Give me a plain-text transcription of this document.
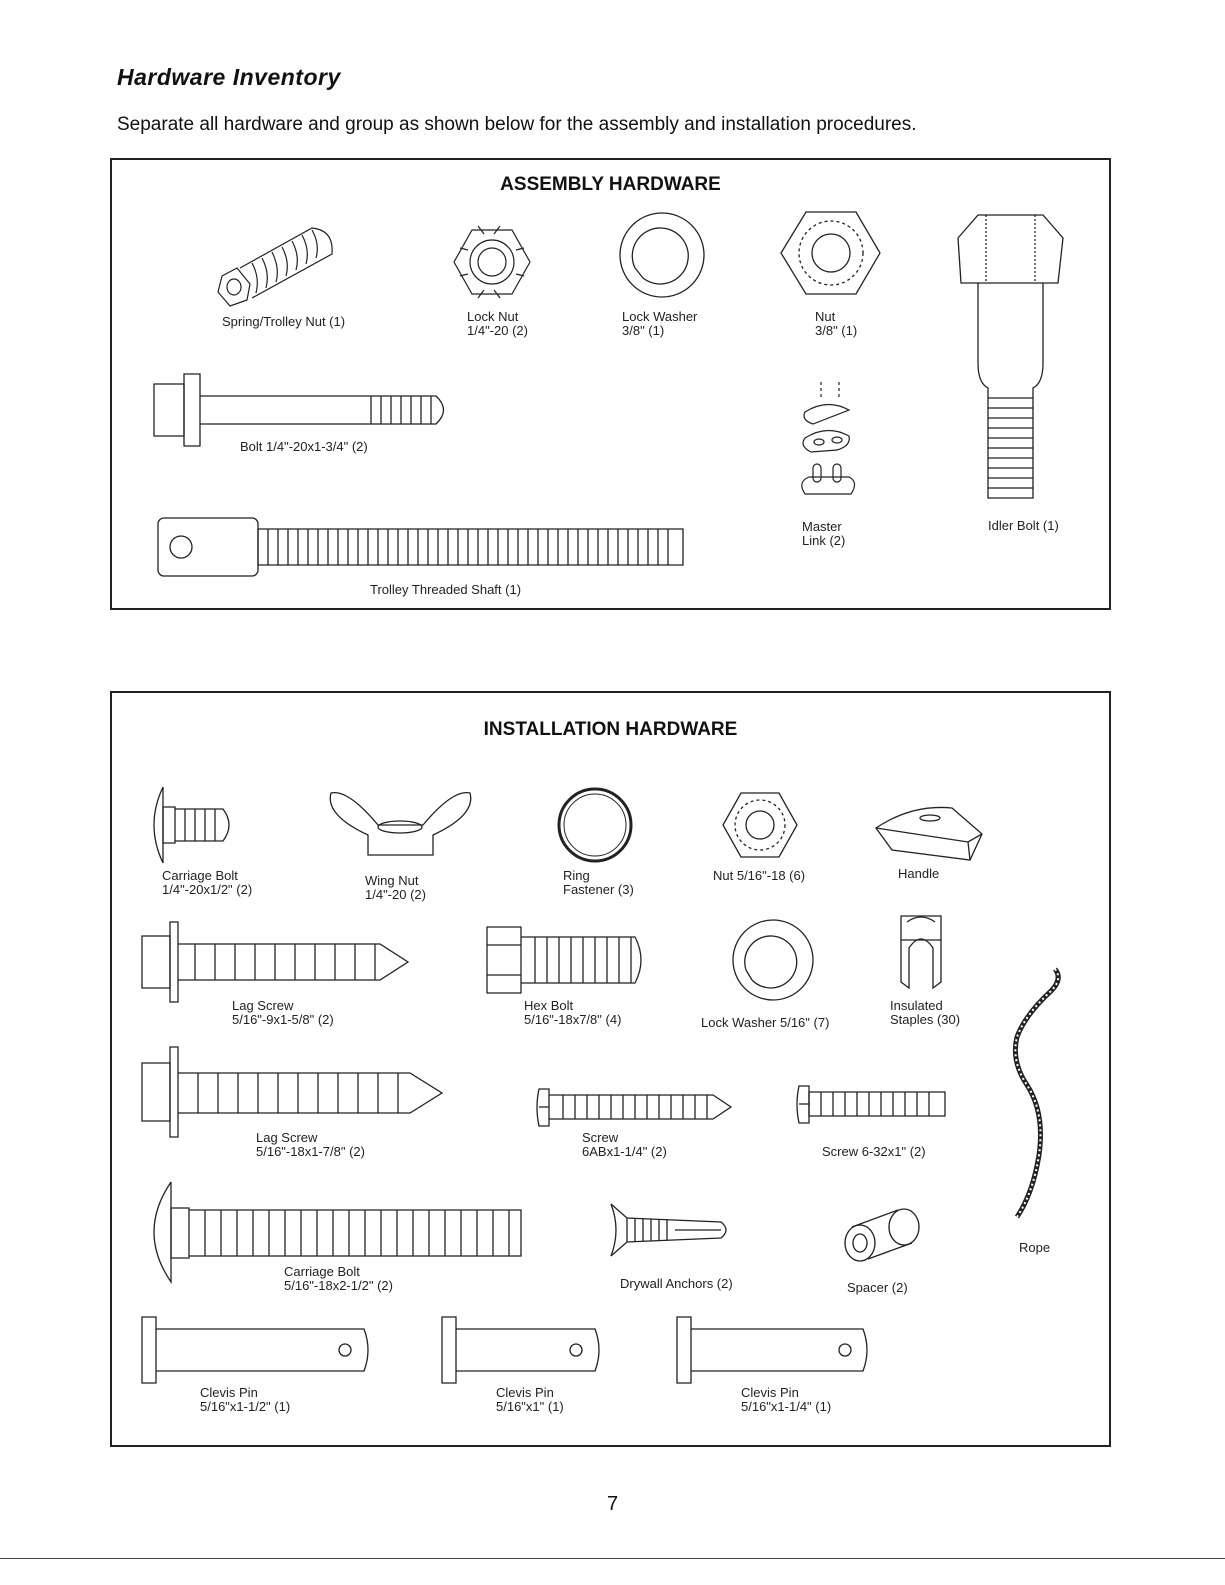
Hardware Inventory

Separate all hardware and group as shown below for the assembly and installation procedures.

ASSEMBLY HARDWARE
Spring/Trolley Nut (1)	Lock Nut
1/4"-20 (2)
Lock Washer
3/8" (1)
Nut
3/8" (1)
Idler Bolt (1)
Bolt 1/4"-20x1-3/4" (2)
Master
Link (2)
Trolley Threaded Shaft (1)
INSTALLATION HARDWARE
Carriage Bolt
1/4"-20x1/2" (2)
Wing Nut
1/4"-20 (2)
Ring
Fastener (3)
Nut 5/16"-18 (6)	Handle
Lag Screw
5/16"-9x1-5/8" (2)
Hex Bolt
5/16"-18x7/8" (4)	Lock Washer 5/16" (7)
Insulated
Staples (30)
Rope
Lag Screw
5/16"-18x1-7/8" (2)
Screw
6ABx1-1/4" (2)	Screw 6-32x1" (2)
Carriage Bolt
5/16"-18x2-1/2" (2)	Drywall Anchors (2)	Spacer (2)
Clevis Pin
5/16"x1-1/2" (1)
Clevis Pin
5/16"x1" (1)
Clevis Pin
5/16"x1-1/4" (1)
7
